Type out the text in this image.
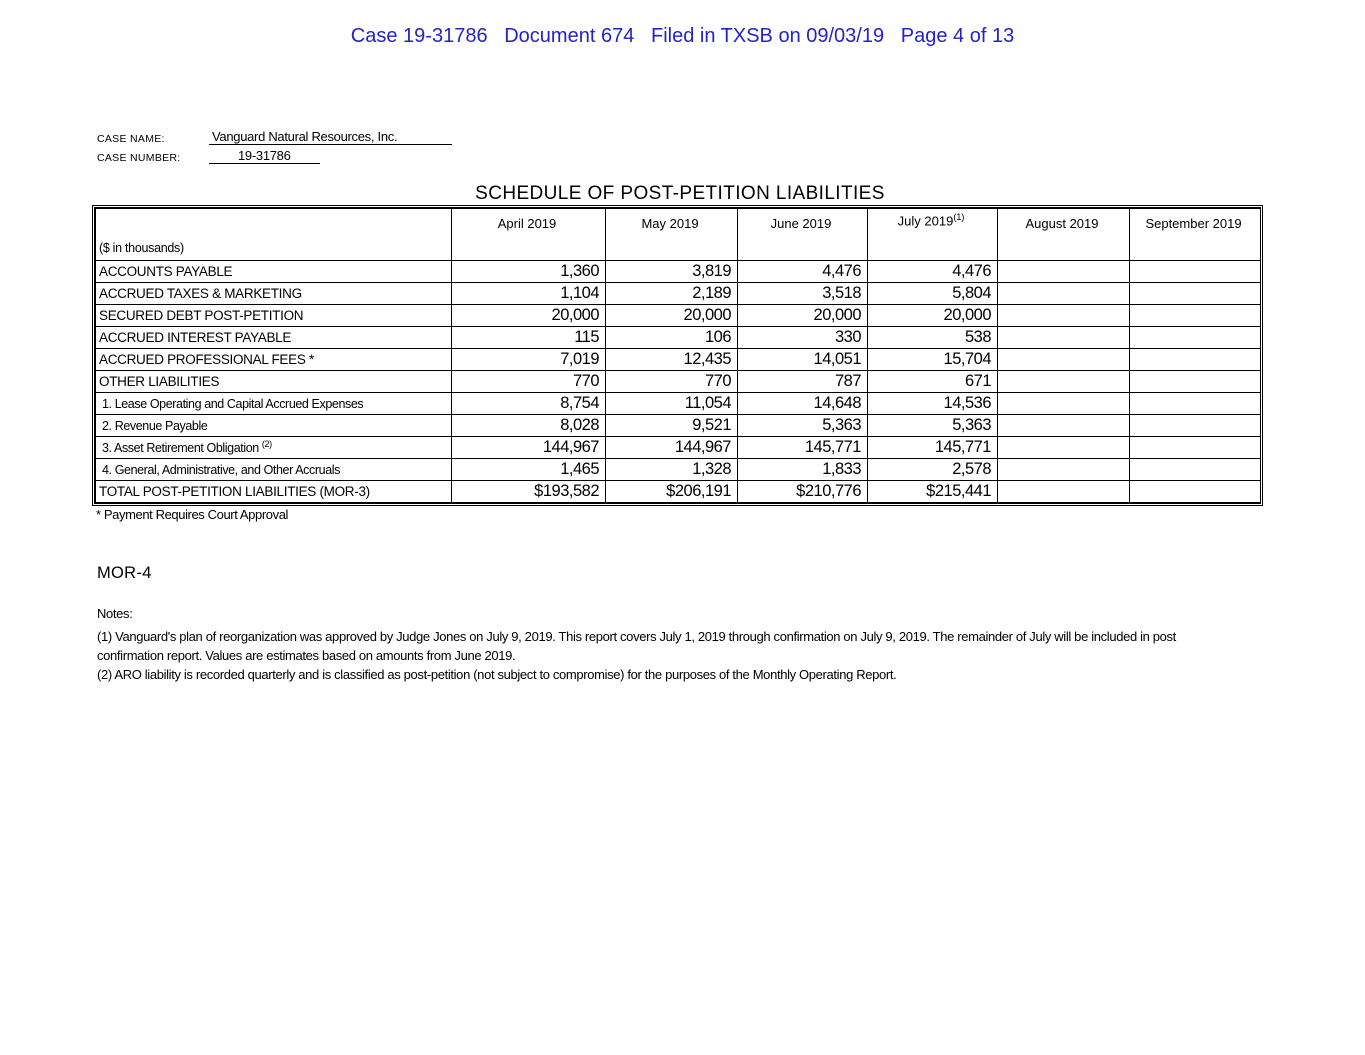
Case 19-31786   Document 674   Filed in TXSB on 09/03/19   Page 4 of 13
CASE NAME:	Vanguard Natural Resources, Inc.
CASE NUMBER:	19-31786
SCHEDULE OF POST-PETITION LIABILITIES
($ in thousands)	April 2019	May 2019	June 2019	July 2019$^{(1)}$	August 2019	September 2019
ACCOUNTS PAYABLE	1,360	3,819	4,476	4,476		
ACCRUED TAXES & MARKETING	1,104	2,189	3,518	5,804		
SECURED DEBT POST-PETITION	20,000	20,000	20,000	20,000		
ACCRUED INTEREST PAYABLE	115	106	330	538		
ACCRUED PROFESSIONAL FEES *	7,019	12,435	14,051	15,704		
OTHER LIABILITIES	770	770	787	671		
1. Lease Operating and Capital Accrued Expenses	8,754	11,054	14,648	14,536		
2. Revenue Payable	8,028	9,521	5,363	5,363		
3. Asset Retirement Obligation $^{(2)}$	144,967	144,967	145,771	145,771		
4. General, Administrative, and Other Accruals	1,465	1,328	1,833	2,578		
TOTAL POST-PETITION LIABILITIES (MOR-3)	$193,582	$206,191	$210,776	$215,441		
* Payment Requires Court Approval
MOR-4
Notes:
(1) Vanguard's plan of reorganization was approved by Judge Jones on July 9, 2019. This report covers July 1, 2019 through confirmation on July 9, 2019. The remainder of July will be included in post confirmation report. Values are estimates based on amounts from June 2019.
(2) ARO liability is recorded quarterly and is classified as post-petition (not subject to compromise) for the purposes of the Monthly Operating Report.
